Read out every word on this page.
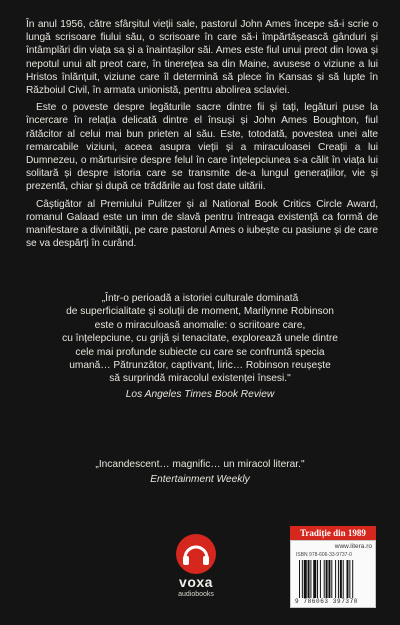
În anul 1956, către sfârșitul vieții sale, pastorul John Ames începe să-i scrie o lungă scrisoare fiului său, o scrisoare în care să-i împărtășească gânduri și întâmplări din viața sa și a înaintașilor săi. Ames este fiul unui preot din Iowa și nepotul unui alt preot care, în tinerețea sa din Maine, avusese o viziune a lui Hristos înlănțuit, viziune care îl determină să plece în Kansas și să lupte în Războiul Civil, în armata unionistă, pentru abolirea sclaviei.

Este o poveste despre legăturile sacre dintre fii și tați, legături puse la încercare în relația delicată dintre el însuși și John Ames Boughton, fiul rătăcitor al celui mai bun prieten al său. Este, totodată, povestea unei alte remarcabile viziuni, aceea asupra vieții și a miraculoasei Creații a lui Dumnezeu, o mărturisire despre felul în care înțelepciunea s-a călit în viața lui solitară și despre istoria care se transmite de-a lungul generațiilor, vie și prezentă, chiar și după ce trădările au fost date uitării.

Câștigător al Premiului Pulitzer și al National Book Critics Circle Award, romanul Galaad este un imn de slavă pentru întreaga existență ca formă de manifestare a divinității, pe care pastorul Ames o iubește cu pasiune și de care se va despărți în curând.

„Într-o perioadă a istoriei culturale dominată

de superficialitate și soluții de moment, Marilynne Robinson

este o miraculoasă anomalie: o scriitoare care,

cu înțelepciune, cu grijă și tenacitate, explorează unele dintre

cele mai profunde subiecte cu care se confruntă specia

umană… Pătrunzător, captivant, liric… Robinson reușește

să surprindă miracolul existenței însesi."

Los Angeles Times Book Review

„Incandescent… magnific… un miracol literar."

Entertainment Weekly

voxa
audiobooks
Tradiție din 1989
www.litera.ro
ISBN 978-606-33-9737-0
9 786063 397370
